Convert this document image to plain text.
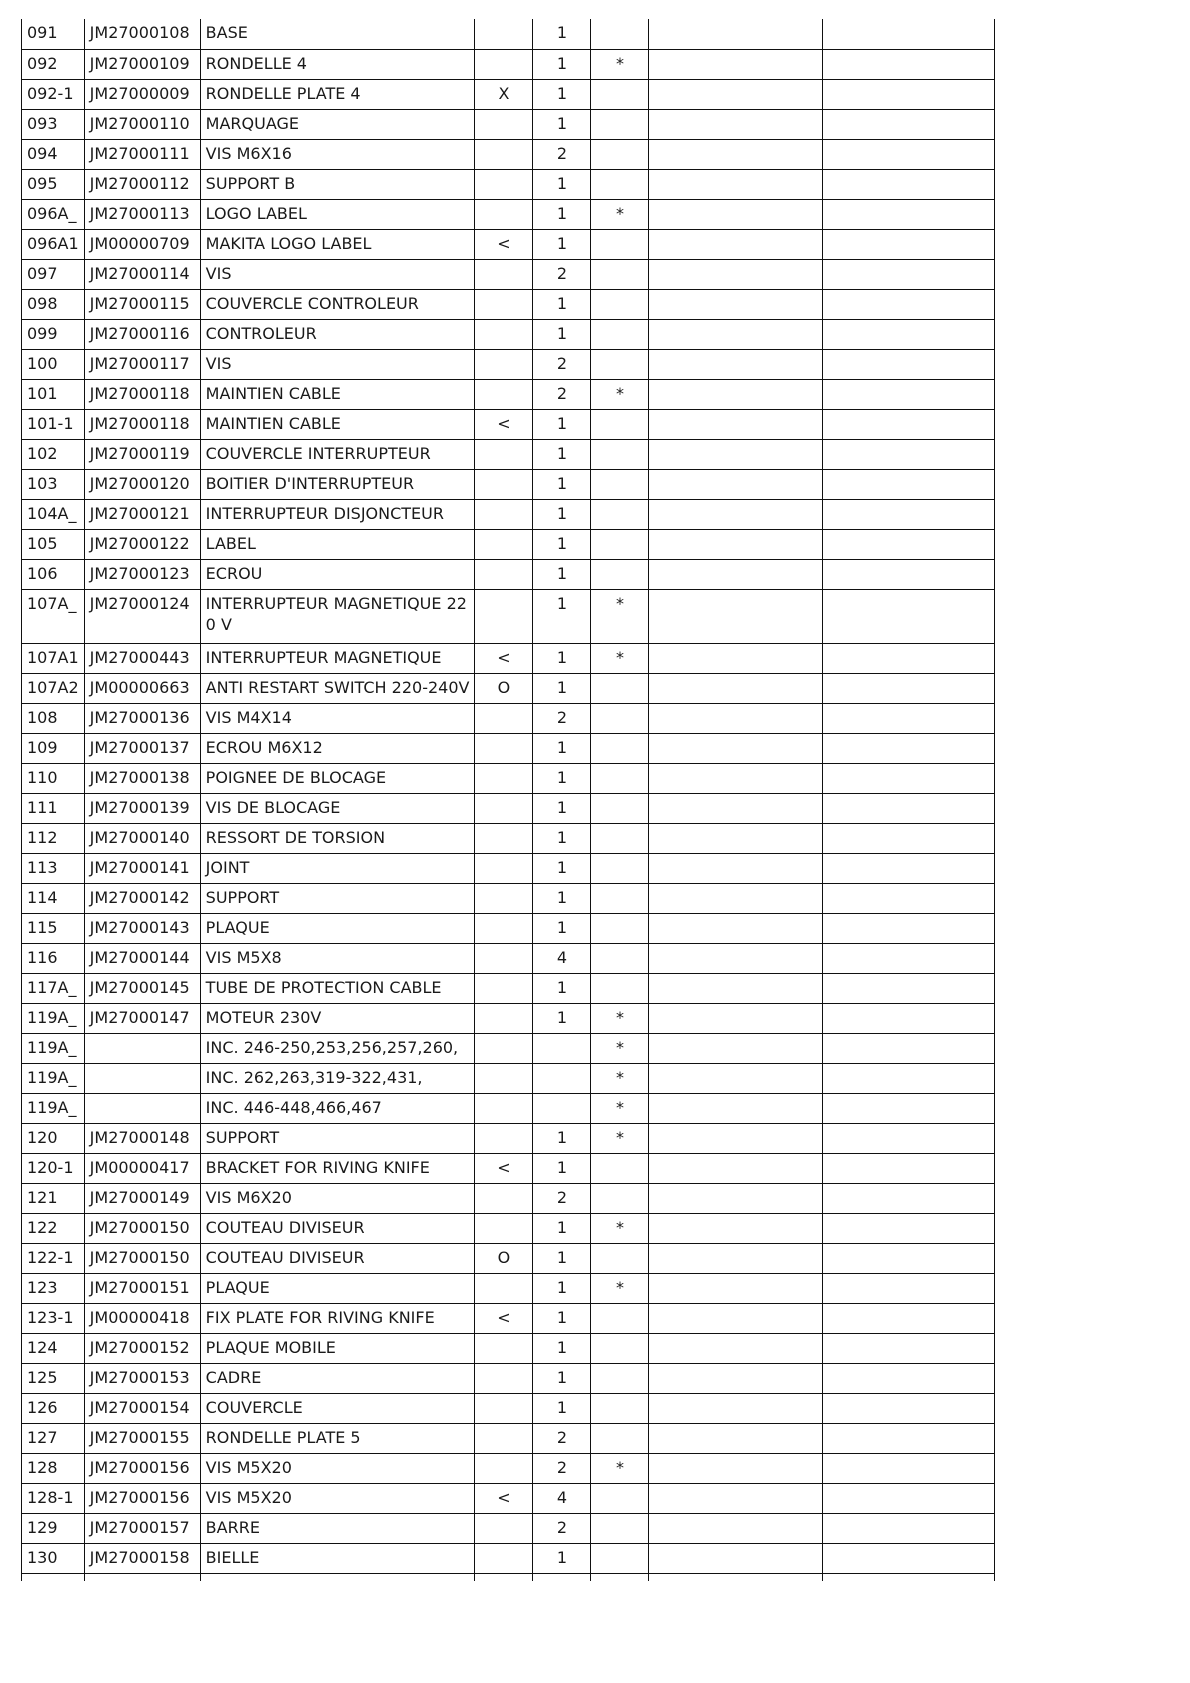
091	JM27000108	BASE		1			
092	JM27000109	RONDELLE 4		1	*		
092-1	JM27000009	RONDELLE PLATE 4	X	1			
093	JM27000110	MARQUAGE		1			
094	JM27000111	VIS M6X16		2			
095	JM27000112	SUPPORT B		1			
096A_	JM27000113	LOGO LABEL		1	*		
096A1	JM00000709	MAKITA LOGO LABEL	<	1			
097	JM27000114	VIS		2			
098	JM27000115	COUVERCLE CONTROLEUR		1			
099	JM27000116	CONTROLEUR		1			
100	JM27000117	VIS		2			
101	JM27000118	MAINTIEN CABLE		2	*		
101-1	JM27000118	MAINTIEN CABLE	<	1			
102	JM27000119	COUVERCLE INTERRUPTEUR		1			
103	JM27000120	BOITIER D'INTERRUPTEUR		1			
104A_	JM27000121	INTERRUPTEUR DISJONCTEUR		1			
105	JM27000122	LABEL		1			
106	JM27000123	ECROU		1			
107A_	JM27000124	INTERRUPTEUR MAGNETIQUE 220 V		1	*		
107A1	JM27000443	INTERRUPTEUR MAGNETIQUE	<	1	*		
107A2	JM00000663	ANTI RESTART SWITCH 220-240V	O	1			
108	JM27000136	VIS M4X14		2			
109	JM27000137	ECROU M6X12		1			
110	JM27000138	POIGNEE DE BLOCAGE		1			
111	JM27000139	VIS DE BLOCAGE		1			
112	JM27000140	RESSORT DE TORSION		1			
113	JM27000141	JOINT		1			
114	JM27000142	SUPPORT		1			
115	JM27000143	PLAQUE		1			
116	JM27000144	VIS M5X8		4			
117A_	JM27000145	TUBE DE PROTECTION CABLE		1			
119A_	JM27000147	MOTEUR 230V		1	*		
119A_		INC. 246-250,253,256,257,260,			*		
119A_		INC. 262,263,319-322,431,			*		
119A_		INC. 446-448,466,467			*		
120	JM27000148	SUPPORT		1	*		
120-1	JM00000417	BRACKET FOR RIVING KNIFE	<	1			
121	JM27000149	VIS M6X20		2			
122	JM27000150	COUTEAU DIVISEUR		1	*		
122-1	JM27000150	COUTEAU DIVISEUR	O	1			
123	JM27000151	PLAQUE		1	*		
123-1	JM00000418	FIX PLATE FOR RIVING KNIFE	<	1			
124	JM27000152	PLAQUE MOBILE		1			
125	JM27000153	CADRE		1			
126	JM27000154	COUVERCLE		1			
127	JM27000155	RONDELLE PLATE 5		2			
128	JM27000156	VIS M5X20		2	*		
128-1	JM27000156	VIS M5X20	<	4			
129	JM27000157	BARRE		2			
130	JM27000158	BIELLE		1			
